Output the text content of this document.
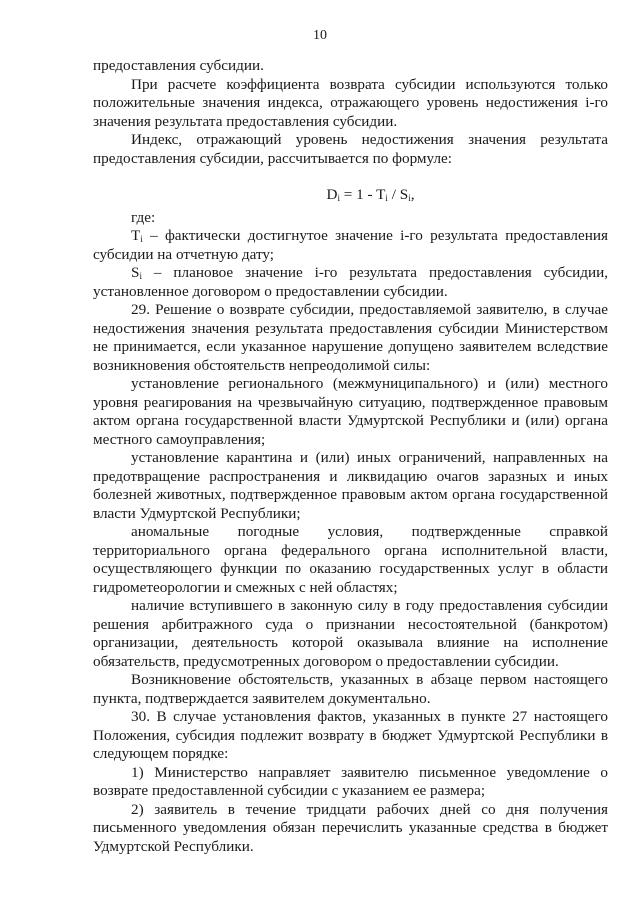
10

предоставления субсидии.

При расчете коэффициента возврата субсидии используются только положительные значения индекса, отражающего уровень недостижения i-го значения результата предоставления субсидии.

Индекс, отражающий уровень недостижения значения результата предоставления субсидии, рассчитывается по формуле:

$D_i = 1 - T_i / S_i$,

где:

$T_i$ – фактически достигнутое значение i-го результата предоставления субсидии на отчетную дату;

$S_i$ – плановое значение i-го результата предоставления субсидии, установленное договором о предоставлении субсидии.

29. Решение о возврате субсидии, предоставляемой заявителю, в случае недостижения значения результата предоставления субсидии Министерством не принимается, если указанное нарушение допущено заявителем вследствие возникновения обстоятельств непреодолимой силы:

установление регионального (межмуниципального) и (или) местного уровня реагирования на чрезвычайную ситуацию, подтвержденное правовым актом органа государственной власти Удмуртской Республики и (или) органа местного самоуправления;

установление карантина и (или) иных ограничений, направленных на предотвращение распространения и ликвидацию очагов заразных и иных болезней животных, подтвержденное правовым актом органа государственной власти Удмуртской Республики;

аномальные погодные условия, подтвержденные справкой территориального органа федерального органа исполнительной власти, осуществляющего функции по оказанию государственных услуг в области гидрометеорологии и смежных с ней областях;

наличие вступившего в законную силу в году предоставления субсидии решения арбитражного суда о признании несостоятельной (банкротом) организации, деятельность которой оказывала влияние на исполнение обязательств, предусмотренных договором о предоставлении субсидии.

Возникновение обстоятельств, указанных в абзаце первом настоящего пункта, подтверждается заявителем документально.

30. В случае установления фактов, указанных в пункте 27 настоящего Положения, субсидия подлежит возврату в бюджет Удмуртской Республики в следующем порядке:

1) Министерство направляет заявителю письменное уведомление о возврате предоставленной субсидии с указанием ее размера;

2) заявитель в течение тридцати рабочих дней со дня получения письменного уведомления обязан перечислить указанные средства в бюджет Удмуртской Республики.
